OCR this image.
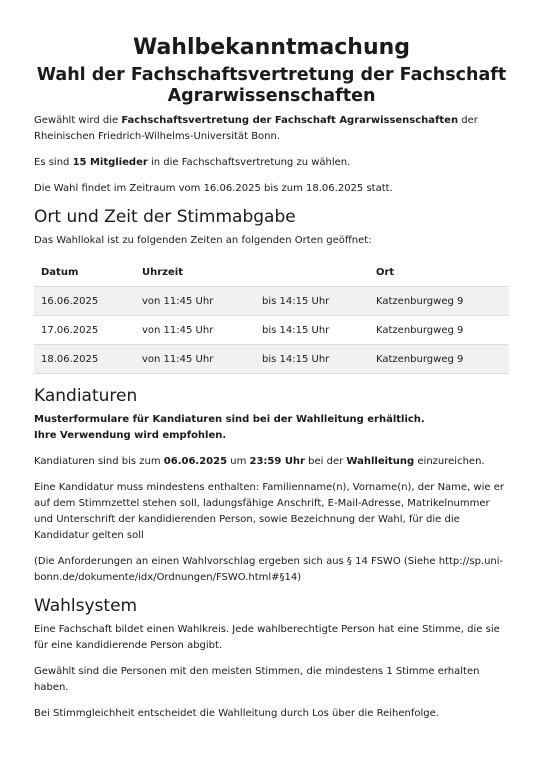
Wahlbekanntmachung
Wahl der Fachschaftsvertretung der Fachschaft Agrarwissenschaften

Gewählt wird die Fachschaftsvertretung der Fachschaft Agrarwissenschaften der Rheinischen Friedrich-Wilhelms-Universität Bonn.

Es sind 15 Mitglieder in die Fachschaftsvertretung zu wählen.

Die Wahl findet im Zeitraum vom 16.06.2025 bis zum 18.06.2025 statt.

Ort und Zeit der Stimmabgabe

Das Wahllokal ist zu folgenden Zeiten an folgenden Orten geöffnet:

Datum	Uhrzeit		Ort
16.06.2025	von 11:45 Uhr	bis 14:15 Uhr	Katzenburgweg 9
17.06.2025	von 11:45 Uhr	bis 14:15 Uhr	Katzenburgweg 9
18.06.2025	von 11:45 Uhr	bis 14:15 Uhr	Katzenburgweg 9
Kandiaturen

Musterformulare für Kandiaturen sind bei der Wahlleitung erhältlich.
Ihre Verwendung wird empfohlen.

Kandiaturen sind bis zum 06.06.2025 um 23:59 Uhr bei der Wahlleitung einzureichen.

Eine Kandidatur muss mindestens enthalten: Familienname(n), Vorname(n), der Name, wie er auf dem Stimmzettel stehen soll, ladungsfähige Anschrift, E-Mail-Adresse, Matrikelnummer und Unterschrift der kandidierenden Person, sowie Bezeichnung der Wahl, für die die Kandidatur gelten soll

(Die Anforderungen an einen Wahlvorschlag ergeben sich aus § 14 FSWO (Siehe http://sp.uni-bonn.de/dokumente/idx/Ordnungen/FSWO.html#§14)

Wahlsystem

Eine Fachschaft bildet einen Wahlkreis. Jede wahlberechtigte Person hat eine Stimme, die sie für eine kandidierende Person abgibt.

Gewählt sind die Personen mit den meisten Stimmen, die mindestens 1 Stimme erhalten haben.

Bei Stimmgleichheit entscheidet die Wahlleitung durch Los über die Reihenfolge.
